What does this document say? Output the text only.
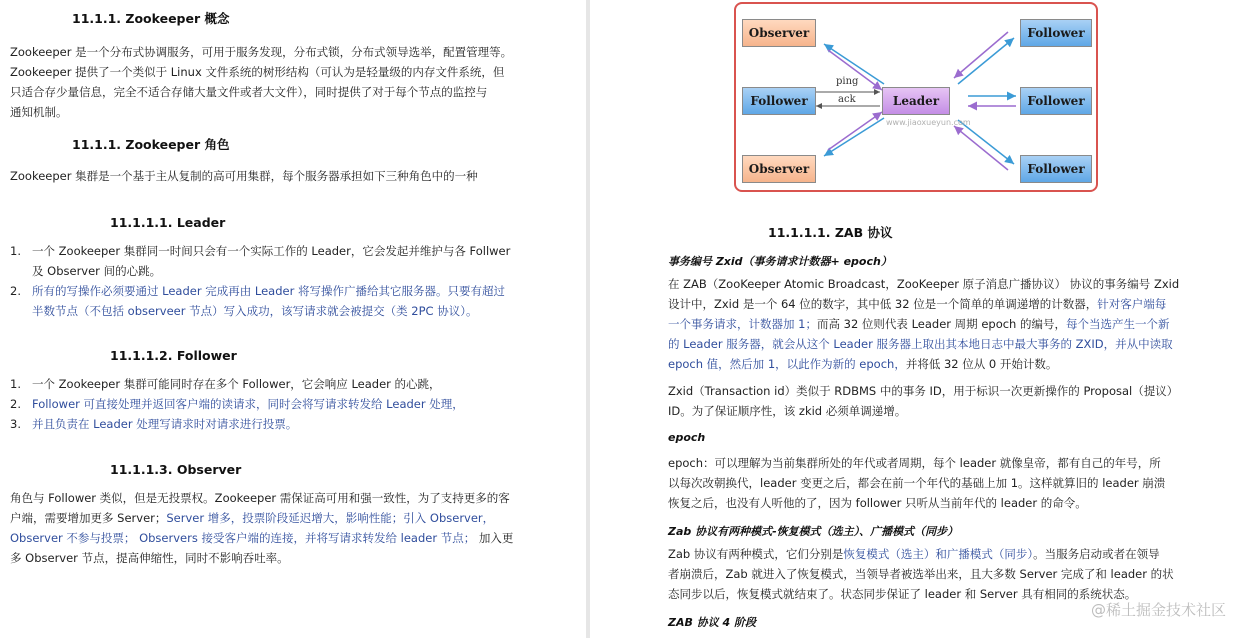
11.1.1. Zookeeper 概念
Zookeeper 是一个分布式协调服务，可用于服务发现，分布式锁，分布式领导选举，配置管理等。
Zookeeper 提供了一个类似于 Linux 文件系统的树形结构（可认为是轻量级的内存文件系统，但
只适合存少量信息，完全不适合存储大量文件或者大文件），同时提供了对于每个节点的监控与
通知机制。
11.1.1. Zookeeper 角色
Zookeeper 集群是一个基于主从复制的高可用集群，每个服务器承担如下三种角色中的一种
11.1.1.1. Leader
1. 一个 Zookeeper 集群同一时间只会有一个实际工作的 Leader，它会发起并维护与各 Follwer
及 Observer 间的心跳。
2. 所有的写操作必须要通过 Leader 完成再由 Leader 将写操作广播给其它服务器。只要有超过
半数节点（不包括 observeer 节点）写入成功，该写请求就会被提交（类 2PC 协议）。
11.1.1.2. Follower
1. 一个 Zookeeper 集群可能同时存在多个 Follower，它会响应 Leader 的心跳，
2. Follower 可直接处理并返回客户端的读请求，同时会将写请求转发给 Leader 处理，
3. 并且负责在 Leader 处理写请求时对请求进行投票。
11.1.1.3. Observer
角色与 Follower 类似，但是无投票权。Zookeeper 需保证高可用和强一致性，为了支持更多的客
户端，需要增加更多 Server；Server 增多，投票阶段延迟增大，影响性能；引入 Observer，
Observer 不参与投票； Observers 接受客户端的连接，并将写请求转发给 leader 节点； 加入更
多 Observer 节点，提高伸缩性，同时不影响吞吐率。
Observer
Observer
Follower	Leader
Follower
Follower
Follower
ping
ack
www.jiaoxueyun.com
11.1.1.1. ZAB 协议
事务编号 Zxid（事务请求计数器+ epoch）
在 ZAB（ZooKeeper Atomic Broadcast，ZooKeeper 原子消息广播协议） 协议的事务编号 Zxid
设计中，Zxid 是一个 64 位的数字，其中低 32 位是一个简单的单调递增的计数器，针对客户端每
一个事务请求，计数器加 1；而高 32 位则代表 Leader 周期 epoch 的编号，每个当选产生一个新
的 Leader 服务器，就会从这个 Leader 服务器上取出其本地日志中最大事务的 ZXID，并从中读取
epoch 值，然后加 1，以此作为新的 epoch，并将低 32 位从 0 开始计数。
Zxid（Transaction id）类似于 RDBMS 中的事务 ID，用于标识一次更新操作的 Proposal（提议）
ID。为了保证顺序性，该 zkid 必须单调递增。
epoch
epoch：可以理解为当前集群所处的年代或者周期，每个 leader 就像皇帝，都有自己的年号，所
以每次改朝换代，leader 变更之后，都会在前一个年代的基础上加 1。这样就算旧的 leader 崩溃
恢复之后，也没有人听他的了，因为 follower 只听从当前年代的 leader 的命令。
Zab 协议有两种模式-恢复模式（选主）、广播模式（同步）
Zab 协议有两种模式，它们分别是恢复模式（选主）和广播模式（同步）。当服务启动或者在领导
者崩溃后，Zab 就进入了恢复模式，当领导者被选举出来，且大多数 Server 完成了和 leader 的状
态同步以后，恢复模式就结束了。状态同步保证了 leader 和 Server 具有相同的系统状态。
ZAB 协议 4 阶段
@稀土掘金技术社区
